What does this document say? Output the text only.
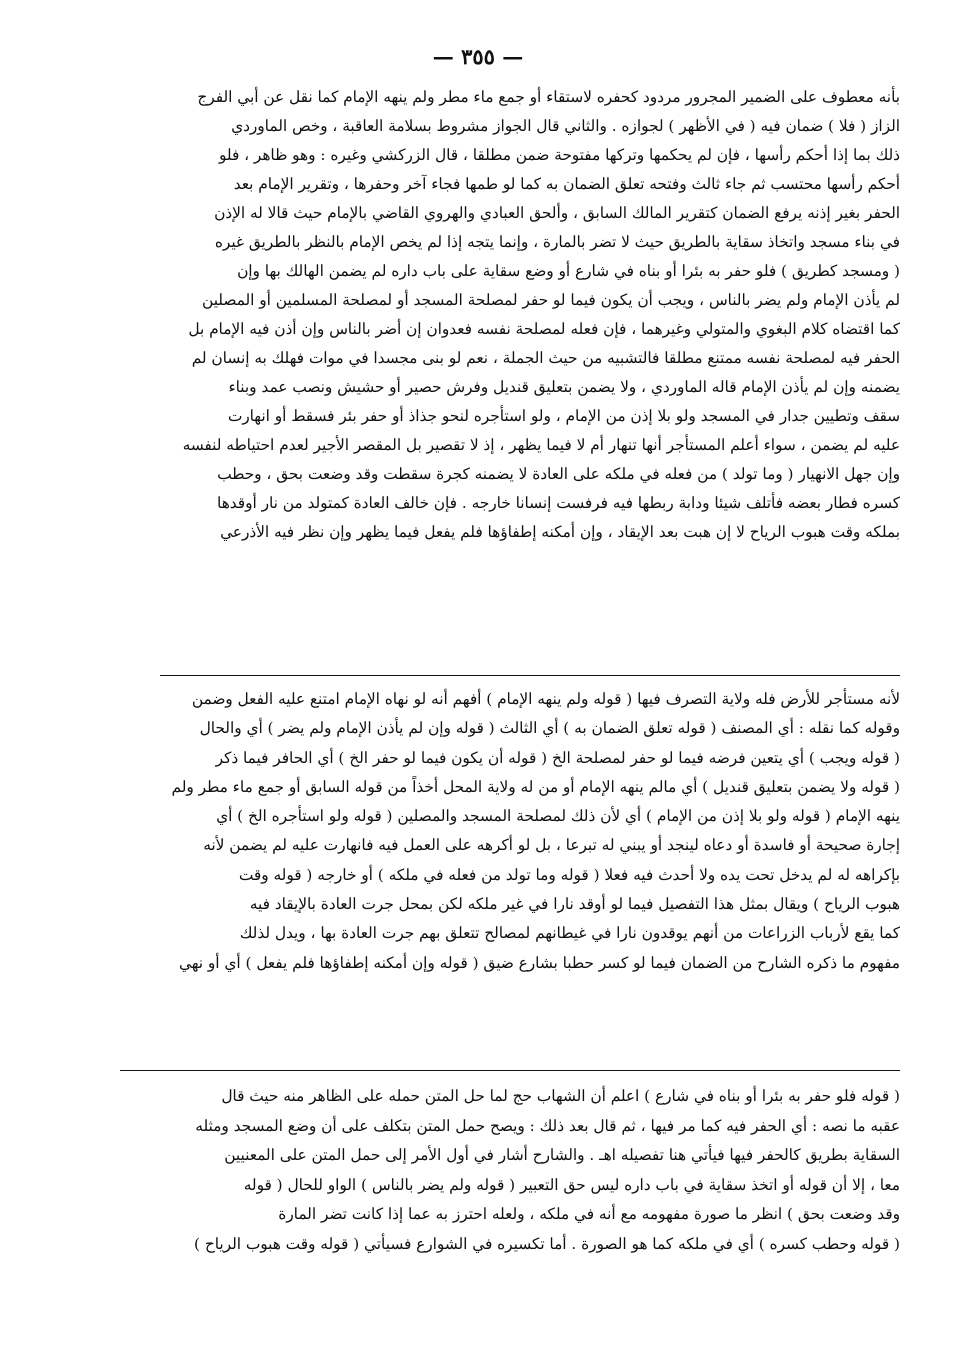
— ٣٥٥ —
بأنه معطوف على الضمير المجرور مردود كحفره لاستقاء أو جمع ماء مطر ولم ينهه الإمام كما نقل عن أبي الفرج
الزاز ( فلا ) ضمان فيه ( في الأظهر ) لجوازه . والثاني قال الجواز مشروط بسلامة العاقبة ، وخص الماوردي
ذلك بما إذا أحكم رأسها ، فإن لم يحكمها وتركها مفتوحة ضمن مطلقا ، قال الزركشي وغيره : وهو ظاهر ، فلو
أحكم رأسها محتسب ثم جاء ثالث وفتحه تعلق الضمان به كما لو طمها فجاء آخر وحفرها ، وتقرير الإمام بعد
الحفر بغير إذنه يرفع الضمان كتقرير المالك السابق ، وألحق العبادي والهروي القاضي بالإمام حيث قالا له الإذن
في بناء مسجد واتخاذ سقاية بالطريق حيث لا تضر بالمارة ، وإنما يتجه إذا لم يخص الإمام بالنظر بالطريق غيره
( ومسجد كطريق ) فلو حفر به بئرا أو بناه في شارع أو وضع سقاية على باب داره لم يضمن الهالك بها وإن
لم يأذن الإمام ولم يضر بالناس ، ويجب أن يكون فيما لو حفر لمصلحة المسجد أو لمصلحة المسلمين أو المصلين
كما اقتضاه كلام البغوي والمتولي وغيرهما ، فإن فعله لمصلحة نفسه فعدوان إن أضر بالناس وإن أذن فيه الإمام بل
الحفر فيه لمصلحة نفسه ممتنع مطلقا فالتشبيه من حيث الجملة ، نعم لو بنى مجسدا في موات فهلك به إنسان لم
يضمنه وإن لم يأذن الإمام قاله الماوردي ، ولا يضمن بتعليق قنديل وفرش حصير أو حشيش ونصب عمد وبناء
سقف وتطيين جدار في المسجد ولو بلا إذن من الإمام ، ولو استأجره لنحو جذاذ أو حفر بئر فسقط أو انهارت
عليه لم يضمن ، سواء أعلم المستأجر أنها تنهار أم لا فيما يظهر ، إذ لا تقصير بل المقصر الأجير لعدم احتياطه لنفسه
وإن جهل الانهيار ( وما تولد ) من فعله في ملكه على العادة لا يضمنه كجرة سقطت وقد وضعت بحق ، وحطب
كسره فطار بعضه فأتلف شيئا ودابة ربطها فيه فرفست إنسانا خارجه . فإن خالف العادة كمتولد من نار أوقدها
بملكه وقت هبوب الرياح لا إن هبت بعد الإيقاد ، وإن أمكنه إطفاؤها فلم يفعل فيما يظهر وإن نظر فيه الأذرعي
لأنه مستأجر للأرض فله ولاية التصرف فيها ( قوله ولم ينهه الإمام ) أفهم أنه لو نهاه الإمام امتنع عليه الفعل وضمن
وقوله كما نقله : أي المصنف ( قوله تعلق الضمان به ) أي الثالث ( قوله وإن لم يأذن الإمام ولم يضر ) أي والحال
( قوله ويجب ) أي يتعين فرضه فيما لو حفر لمصلحة الخ ( قوله أن يكون فيما لو حفر الخ ) أي الحافر فيما ذكر
( قوله ولا يضمن بتعليق قنديل ) أي مالم ينهه الإمام أو من له ولاية المحل أخذاً من قوله السابق أو جمع ماء مطر ولم
ينهه الإمام ( قوله ولو بلا إذن من الإمام ) أي لأن ذلك لمصلحة المسجد والمصلين ( قوله ولو استأجره الخ ) أي
إجارة صحيحة أو فاسدة أو دعاه لينجد أو يبني له تبرعا ، بل لو أكرهه على العمل فيه فانهارت عليه لم يضمن لأنه
بإكراهه له لم يدخل تحت يده ولا أحدث فيه فعلا ( قوله وما تولد من فعله في ملكه ) أو خارجه ( قوله وقت
هبوب الرياح ) ويقال بمثل هذا التفصيل فيما لو أوقد نارا في غير ملكه لكن بمحل جرت العادة بالإيقاد فيه
كما يقع لأرباب الزراعات من أنهم يوقدون نارا في غيطانهم لمصالح تتعلق بهم جرت العادة بها ، ويدل لذلك
مفهوم ما ذكره الشارح من الضمان فيما لو كسر حطبا بشارع ضيق ( قوله وإن أمكنه إطفاؤها فلم يفعل ) أي أو نهي
( قوله فلو حفر به بئرا أو بناه في شارع ) اعلم أن الشهاب حج لما حل المتن حمله على الظاهر منه حيث قال
عقبه ما نصه : أي الحفر فيه كما مر فيها ، ثم قال بعد ذلك : ويصح حمل المتن بتكلف على أن وضع المسجد ومثله
السقاية بطريق كالحفر فيها فيأتي هنا تفصيله اهـ . والشارح أشار في أول الأمر إلى حمل المتن على المعنيين
معا ، إلا أن قوله أو اتخذ سقاية في باب داره ليس حق التعبير ( قوله ولم يضر بالناس ) الواو للحال ( قوله
وقد وضعت بحق ) انظر ما صورة مفهومه مع أنه في ملكه ، ولعله احترز به عما إذا كانت تضر المارة
( قوله وحطب كسره ) أي في ملكه كما هو الصورة . أما تكسيره في الشوارع فسيأتي ( قوله وقت هبوب الرياح )
